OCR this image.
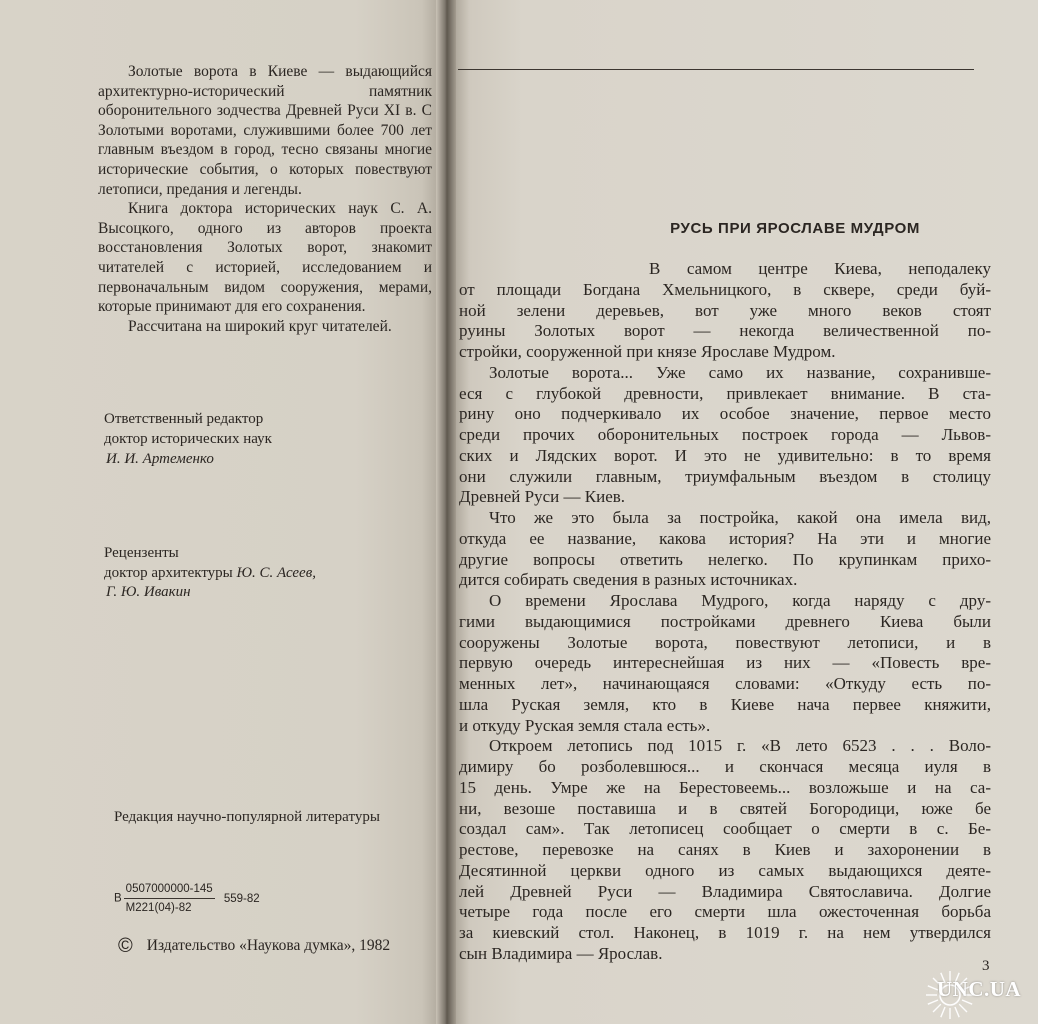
Золотые ворота в Киеве — выдающийся архитектурно-исторический памятник оборонительного зодчества Древней Руси XI в. С Золотыми воротами, служившими более 700 лет главным въездом в город, тесно связаны многие исторические события, о которых повествуют летописи, предания и легенды.

Книга доктора исторических наук С. А. Высоцкого, одного из авторов проекта восстановления Золотых ворот, знакомит читателей с историей, исследованием и первоначальным видом сооружения, мерами, которые принимают для его сохранения.

Рассчитана на широкий круг читателей.

Ответственный редактор
доктор исторических наук
И. И. Артеменко
Рецензенты
доктор архитектуры Ю. С. Асеев,
Г. Ю. Ивакин
Редакция научно-популярной литературы
В $\frac{0507000000-145}{М221(04)-82} 559-82$
© Издательство «Наукова думка», 1982
РУСЬ ПРИ ЯРОСЛАВЕ МУДРОМ

В самом центре Киева, неподалеку
от площади Богдана Хмельницкого, в сквере, среди буй-
ной зелени деревьев, вот уже много веков стоят
руины Золотых ворот — некогда величественной по-
стройки, сооруженной при князе Ярославе Мудром.

Золотые ворота... Уже само их название, сохранивше-
еся с глубокой древности, привлекает внимание. В ста-
рину оно подчеркивало их особое значение, первое место
среди прочих оборонительных построек города — Львов-
ских и Лядских ворот. И это не удивительно: в то время
они служили главным, триумфальным въездом в столицу
Древней Руси — Киев.

Что же это была за постройка, какой она имела вид,
откуда ее название, какова история? На эти и многие
другие вопросы ответить нелегко. По крупинкам прихо-
дится собирать сведения в разных источниках.

О времени Ярослава Мудрого, когда наряду с дру-
гими выдающимися постройками древнего Киева были
сооружены Золотые ворота, повествуют летописи, и в
первую очередь интереснейшая из них — «Повесть вре-
менных лет», начинающаяся словами: «Откуду есть по-
шла Руская земля, кто в Киеве нача первее княжити,
и откуду Руская земля стала есть».

Откроем летопись под 1015 г. «В лето 6523 . . . Воло-
димиру бо розболевшюся... и скончася месяца иуля в
15 день. Умре же на Берестовеемь... возложьше и на са-
ни, везоше поставиша и в святей Богородици, юже бе
создал сам». Так летописец сообщает о смерти в с. Бе-
рестове, перевозке на санях в Киев и захоронении в
Десятинной церкви одного из самых выдающихся деяте-
лей Древней Руси — Владимира Святославича. Долгие
четыре года после его смерти шла ожесточенная борьба
за киевский стол. Наконец, в 1019 г. на нем утвердился
сын Владимира — Ярослав.

3
UNC.UA
